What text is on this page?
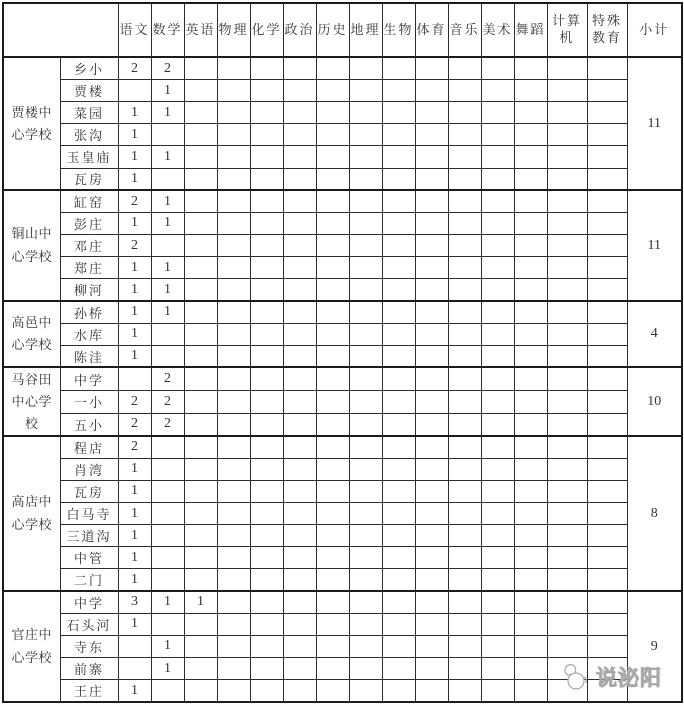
		语文	数学	英语	物理	化学	政治	历史	地理	生物	体育	音乐	美术	舞蹈	计算机	特殊教育	小计
贾楼中心学校	乡小	2	2														11
	贾楼		1														
	菜园	1	1														
	张沟	1															
	玉皇庙	1	1														
	瓦房	1															
铜山中心学校	缸窑	2	1														11
	彭庄	1	1														
	邓庄	2															
	郑庄	1	1														
	柳河	1	1														
高邑中心学校	孙桥	1	1														4
	水库	1															
	陈洼	1															
马谷田中心学校	中学		2														10
	一小	2	2														
	五小	2	2														
高店中心学校	程店	2															8
	肖湾	1															
	瓦房	1															
	白马寺	1															
	三道沟	1															
	中管	1															
	二门	1															
官庄中心学校	中学	3	1	1													9
	石头河	1															
	寺东		1														
	前寨		1														
	王庄	1															
说泌阳
